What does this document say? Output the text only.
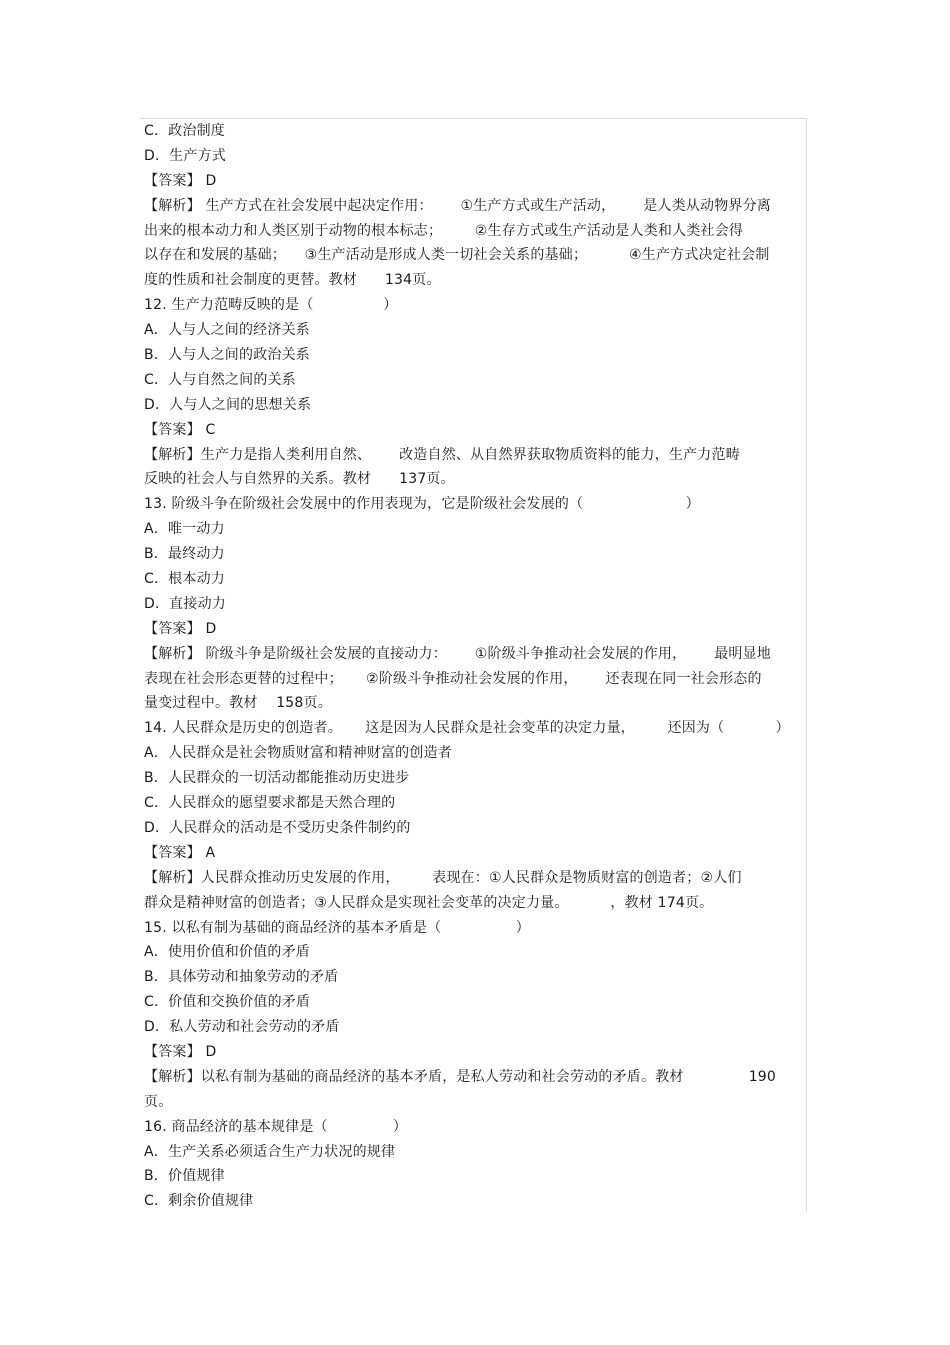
C．政治制度
D．生产方式
【答案】 D
【解析】 生产方式在社会发展中起决定作用：      ①生产方式或生产活动，      是人类从动物界分离
出来的根本动力和人类区别于动物的根本标志；       ②生存方式或生产活动是人类和人类社会得
以存在和发展的基础；    ③生产活动是形成人类一切社会关系的基础；         ④生产方式决定社会制
度的性质和社会制度的更替。教材      134页。
12. 生产力范畴反映的是（               ）
A．人与人之间的经济关系
B．人与人之间的政治关系
C．人与自然之间的关系
D．人与人之间的思想关系
【答案】 C
【解析】生产力是指人类利用自然、      改造自然、从自然界获取物质资料的能力，生产力范畴
反映的社会人与自然界的关系。教材      137页。
13. 阶级斗争在阶级社会发展中的作用表现为，它是阶级社会发展的（                      ）
A．唯一动力
B．最终动力
C．根本动力
D．直接动力
【答案】 D
【解析】 阶级斗争是阶级社会发展的直接动力：      ①阶级斗争推动社会发展的作用，      最明显地
表现在社会形态更替的过程中；     ②阶级斗争推动社会发展的作用，      还表现在同一社会形态的
量变过程中。教材    158页。
14. 人民群众是历史的创造者。     这是因为人民群众是社会变革的决定力量，       还因为（           ）
A．人民群众是社会物质财富和精神财富的创造者
B．人民群众的一切活动都能推动历史进步
C．人民群众的愿望要求都是天然合理的
D．人民群众的活动是不受历史条件制约的
【答案】 A
【解析】人民群众推动历史发展的作用，       表现在：①人民群众是物质财富的创造者；②人们
群众是精神财富的创造者；③人民群众是实现社会变革的决定力量。         ，教材 174页。
15. 以私有制为基础的商品经济的基本矛盾是（                ）
A．使用价值和价值的矛盾
B．具体劳动和抽象劳动的矛盾
C．价值和交换价值的矛盾
D．私人劳动和社会劳动的矛盾
【答案】 D
【解析】以私有制为基础的商品经济的基本矛盾，是私人劳动和社会劳动的矛盾。教材              190
页。
16. 商品经济的基本规律是（              ）
A．生产关系必须适合生产力状况的规律
B．价值规律
C．剩余价值规律
